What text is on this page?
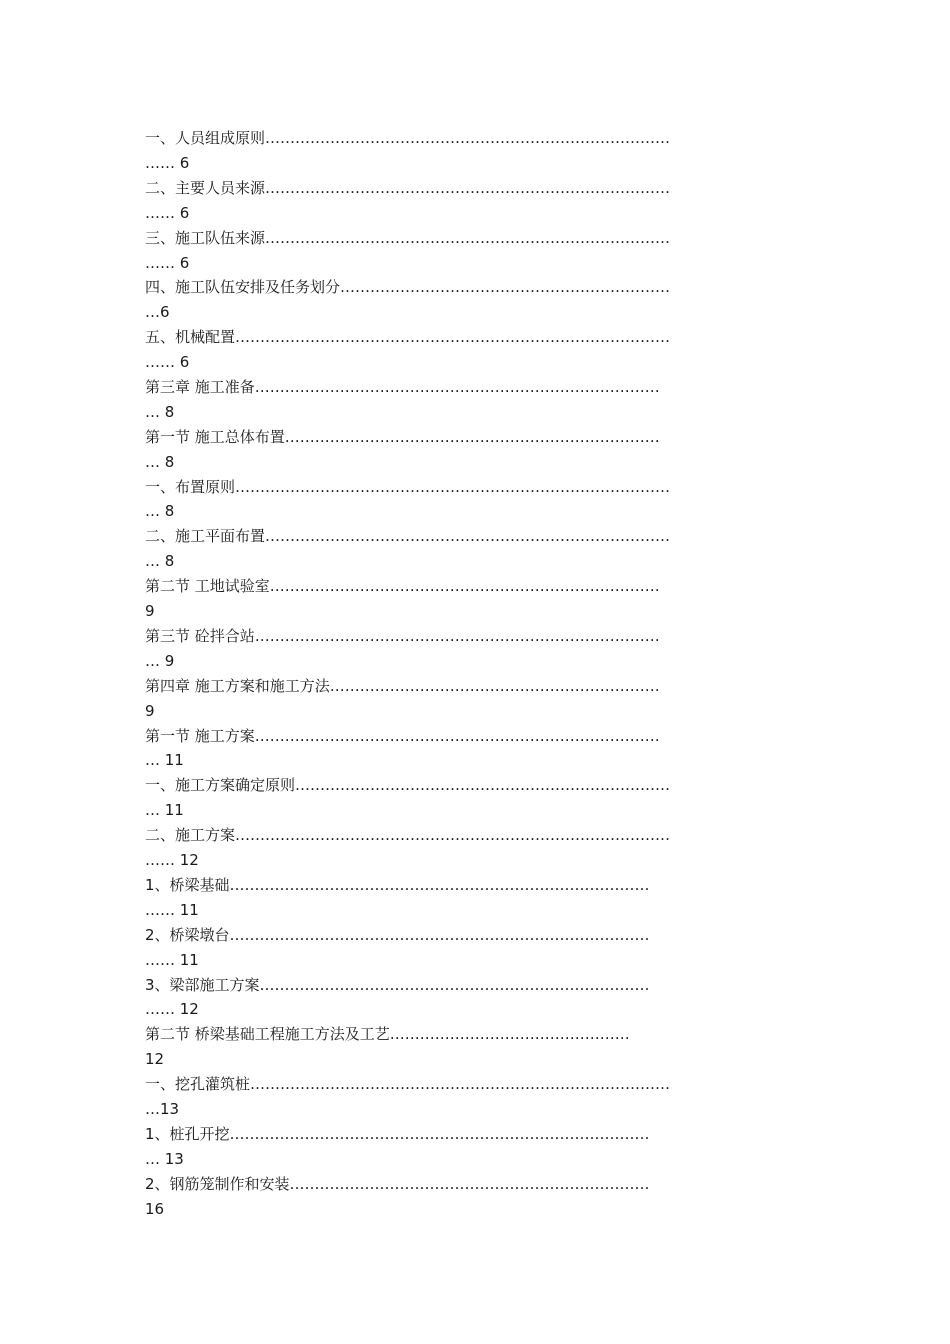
一、人员组成原则………………………………………………………………………
…… 6
二、主要人员来源………………………………………………………………………
…… 6
三、施工队伍来源………………………………………………………………………
…… 6
四、施工队伍安排及任务划分…………………………………………………………
…6
五、机械配置……………………………………………………………………………
…… 6
第三章 施工准备………………………………………………………………………
… 8
第一节 施工总体布置…………………………………………………………………
… 8
一、布置原则……………………………………………………………………………
… 8
二、施工平面布置………………………………………………………………………
… 8
第二节 工地试验室……………………………………………………………………
9
第三节 砼拌合站………………………………………………………………………
… 9
第四章 施工方案和施工方法…………………………………………………………
9
第一节 施工方案………………………………………………………………………
… 11
一、施工方案确定原则…………………………………………………………………
… 11
二、施工方案……………………………………………………………………………
…… 12
1、桥梁基础…………………………………………………………………………
…… 11
2、桥梁墩台…………………………………………………………………………
…… 11
3、梁部施工方案……………………………………………………………………
…… 12
第二节 桥梁基础工程施工方法及工艺…………………………………………
12
一、挖孔灌筑桩…………………………………………………………………………
…13
1、桩孔开挖…………………………………………………………………………
… 13
2、钢筋笼制作和安装………………………………………………………………
16
